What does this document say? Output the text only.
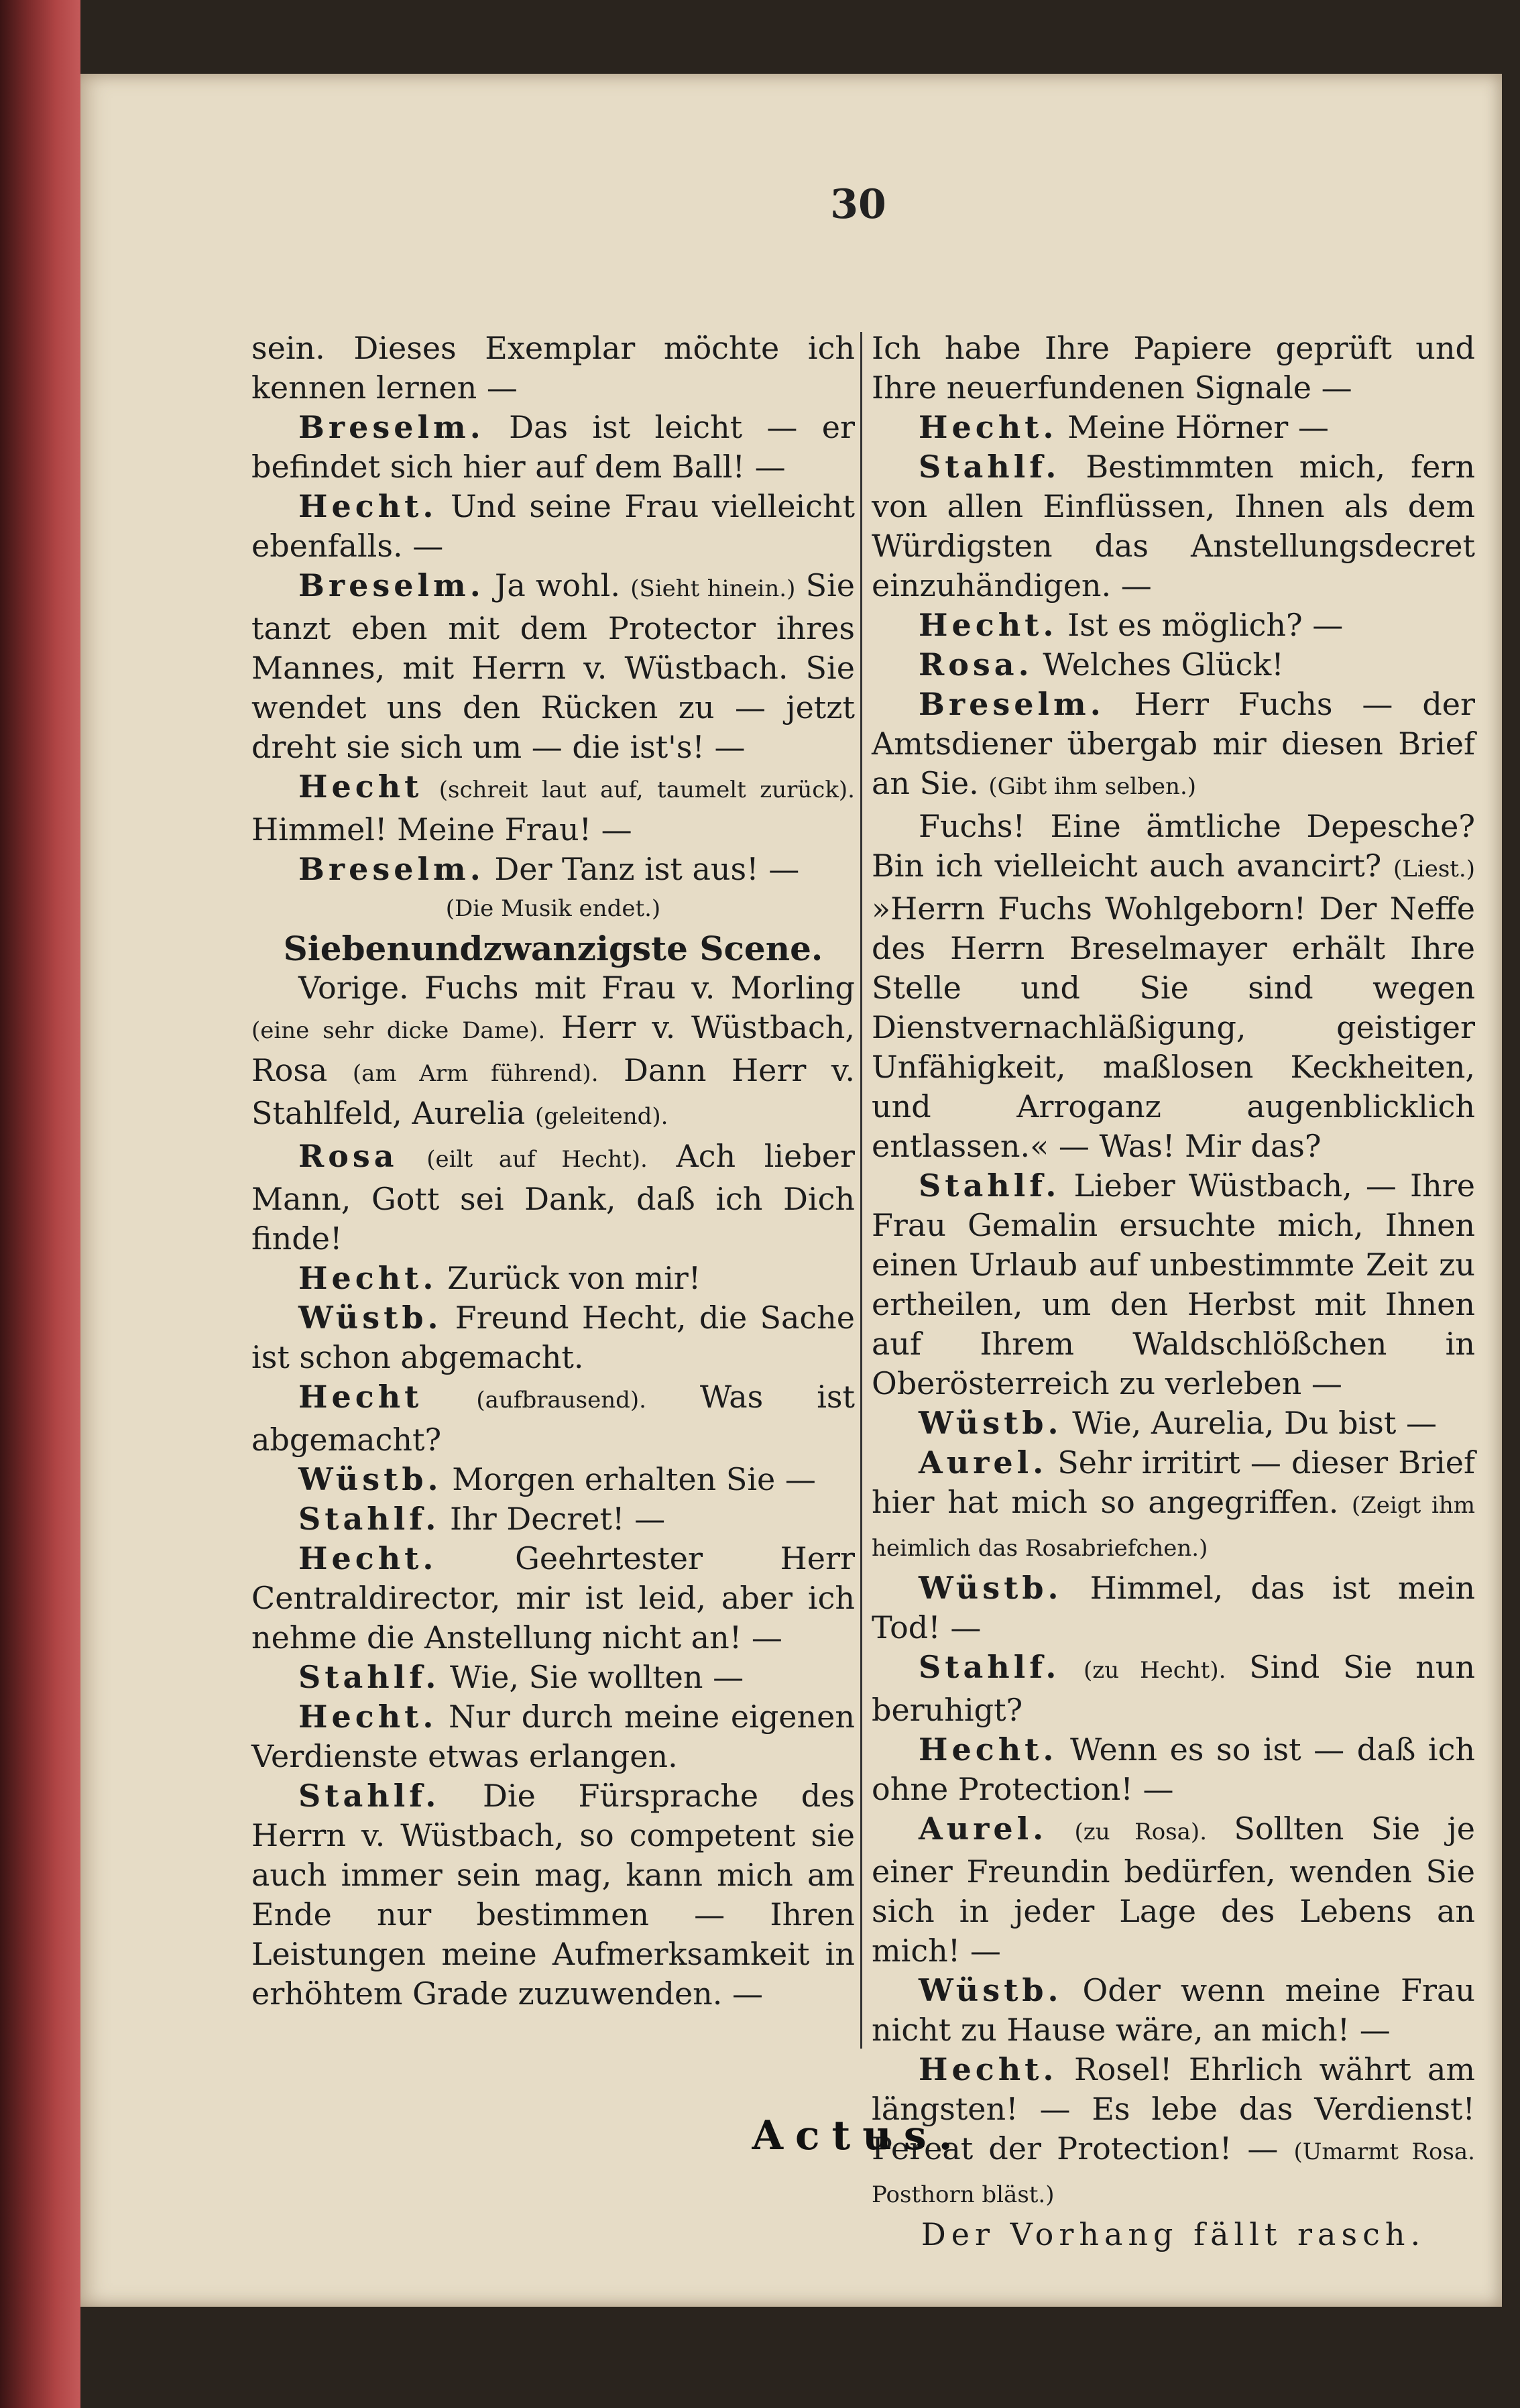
30

sein. Dieses Exemplar möchte ich kennen lernen —

Breselm. Das ist leicht — er befindet sich hier auf dem Ball! —

Hecht. Und seine Frau vielleicht ebenfalls. —

Breselm. Ja wohl. (Sieht hinein.) Sie tanzt eben mit dem Protector ihres Mannes, mit Herrn v. Wüstbach. Sie wendet uns den Rücken zu — jetzt dreht sie sich um — die ist's! —

Hecht (schreit laut auf, taumelt zurück). Himmel! Meine Frau! —

Breselm. Der Tanz ist aus! —

(Die Musik endet.)

Siebenundzwanzigste Scene.

Vorige. Fuchs mit Frau v. Morling (eine sehr dicke Dame). Herr v. Wüstbach, Rosa (am Arm führend). Dann Herr v. Stahlfeld, Aurelia (geleitend).

Rosa (eilt auf Hecht). Ach lieber Mann, Gott sei Dank, daß ich Dich finde!

Hecht. Zurück von mir!

Wüstb. Freund Hecht, die Sache ist schon abgemacht.

Hecht (aufbrausend). Was ist abgemacht?

Wüstb. Morgen erhalten Sie —

Stahlf. Ihr Decret! —

Hecht.	Geehrtester Herr Centraldirector, mir ist leid, aber ich nehme die Anstellung nicht an! —

Stahlf. Wie, Sie wollten —

Hecht. Nur durch meine eigenen Verdienste etwas erlangen.

Stahlf. Die Fürsprache des Herrn v. Wüstbach, so competent sie auch immer sein mag, kann mich am Ende nur bestimmen — Ihren Leistungen meine Aufmerksamkeit in erhöhtem Grade zuzuwenden. —

Ich habe Ihre Papiere geprüft und Ihre neuerfundenen Signale —

Hecht. Meine Hörner —

Stahlf. Bestimmten mich, fern von allen Einflüssen, Ihnen als dem Würdigsten das Anstellungsdecret einzuhändigen. —

Hecht. Ist es möglich? —

Rosa. Welches Glück!

Breselm. Herr Fuchs — der Amtsdiener übergab mir diesen Brief an Sie. (Gibt ihm selben.)

Fuchs! Eine ämtliche Depesche? Bin ich vielleicht auch avancirt? (Liest.) »Herrn Fuchs Wohlgeborn! Der Neffe des Herrn Breselmayer erhält Ihre Stelle und Sie sind wegen Dienstvernachläßigung, geistiger Unfähigkeit, maßlosen Keckheiten, und Arroganz augenblicklich entlassen.« — Was! Mir das?

Stahlf. Lieber Wüstbach, — Ihre Frau Gemalin ersuchte mich, Ihnen einen Urlaub auf unbestimmte Zeit zu ertheilen, um den Herbst mit Ihnen auf Ihrem Waldschlößchen in Oberösterreich zu verleben —

Wüstb. Wie, Aurelia, Du bist —

Aurel. Sehr irritirt — dieser Brief hier hat mich so angegriffen. (Zeigt ihm heimlich das Rosabriefchen.)

Wüstb. Himmel, das ist mein Tod! —

Stahlf. (zu Hecht). Sind Sie nun beruhigt?

Hecht. Wenn es so ist — daß ich ohne Protection! —

Aurel. (zu Rosa). Sollten Sie je einer Freundin bedürfen, wenden Sie sich in jeder Lage des Lebens an mich! —

Wüstb. Oder wenn meine Frau nicht zu Hause wäre, an mich! —

Hecht. Rosel! Ehrlich währt am längsten! — Es lebe das Verdienst! Pereat der Protection! — (Umarmt Rosa. Posthorn bläst.)

Der Vorhang fällt rasch.

Actus.
